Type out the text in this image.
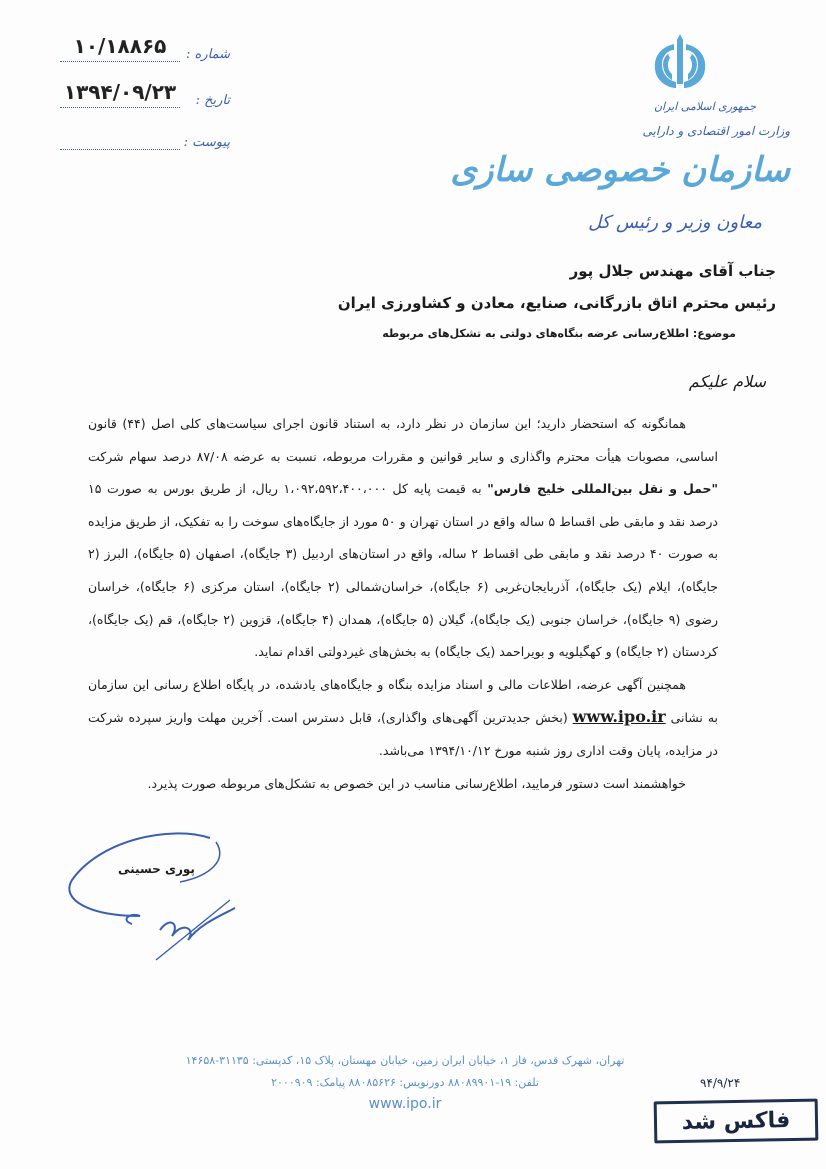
شماره :
۱۰/۱۸۸۶۵
تاریخ :
۱۳۹۴/۰۹/۲۳
پیوست :
جمهوری اسلامی ایران
وزارت امور اقتصادی و دارایی
سازمان خصوصی سازی
معاون وزیر و رئیس کل
جناب آقای مهندس جلال پور
رئیس محترم اتاق بازرگانی، صنایع، معادن و کشاورزی ایران
موضوع: اطلاع‌رسانی عرضه بنگاه‌های دولتی به تشکل‌های مربوطه
سلام علیکم

همانگونه که استحضار دارید؛ این سازمان در نظر دارد، به استناد قانون اجرای سیاست‌های کلی اصل (۴۴) قانون اساسی، مصوبات هیأت محترم واگذاری و سایر قوانین و مقررات مربوطه، نسبت به عرضه ۸۷/۰۸ درصد سهام شرکت "حمل و نقل بین‌المللی خلیج فارس" به قیمت پایه کل ۱،۰۹۲،۵۹۲،۴۰۰،۰۰۰ ریال، از طریق بورس به صورت ۱۵ درصد نقد و مابقی طی اقساط ۵ ساله واقع در استان تهران و ۵۰ مورد از جایگاه‌های سوخت را به تفکیک، از طریق مزایده به صورت ۴۰ درصد نقد و مابقی طی اقساط ۲ ساله، واقع در استان‌های اردبیل (۳ جایگاه)، اصفهان (۵ جایگاه)، البرز (۲ جایگاه)، ایلام (یک جایگاه)، آذربایجان‌غربی (۶ جایگاه)، خراسان‌شمالی (۲ جایگاه)، استان مرکزی (۶ جایگاه)، خراسان رضوی (۹ جایگاه)، خراسان جنوبی (یک جایگاه)، گیلان (۵ جایگاه)، همدان (۴ جایگاه)، قزوین (۲ جایگاه)، قم (یک جایگاه)، کردستان (۲ جایگاه) و کهگیلویه و بویراحمد (یک جایگاه) به بخش‌های غیردولتی اقدام نماید.

همچنین آگهی عرضه، اطلاعات مالی و اسناد مزایده بنگاه و جایگاه‌های یادشده، در پایگاه اطلاع رسانی این سازمان به نشانی www.ipo.ir (بخش جدیدترین آگهی‌های واگذاری)، قابل دسترس است. آخرین مهلت واریز سپرده شرکت در مزایده، پایان وقت اداری روز شنبه مورخ ۱۳۹۴/۱۰/۱۲ می‌باشد.

خواهشمند است دستور فرمایید، اطلاع‌رسانی مناسب در این خصوص به تشکل‌های مربوطه صورت پذیرد.

پوری حسینی
تهران، شهرک قدس، فاز ۱، خیابان ایران زمین، خیابان مهستان، پلاک ۱۵، کدپستی: ۳۱۱۳۵-۱۴۶۵۸
تلفن: ۱۹-۸۸۰۸۹۹۰۱ دورنویس: ۸۸۰۸۵۶۲۶ پیامک: ۲۰۰۰۹۰۹
www.ipo.ir
۹۴/۹/۲۴
فاکس شد
